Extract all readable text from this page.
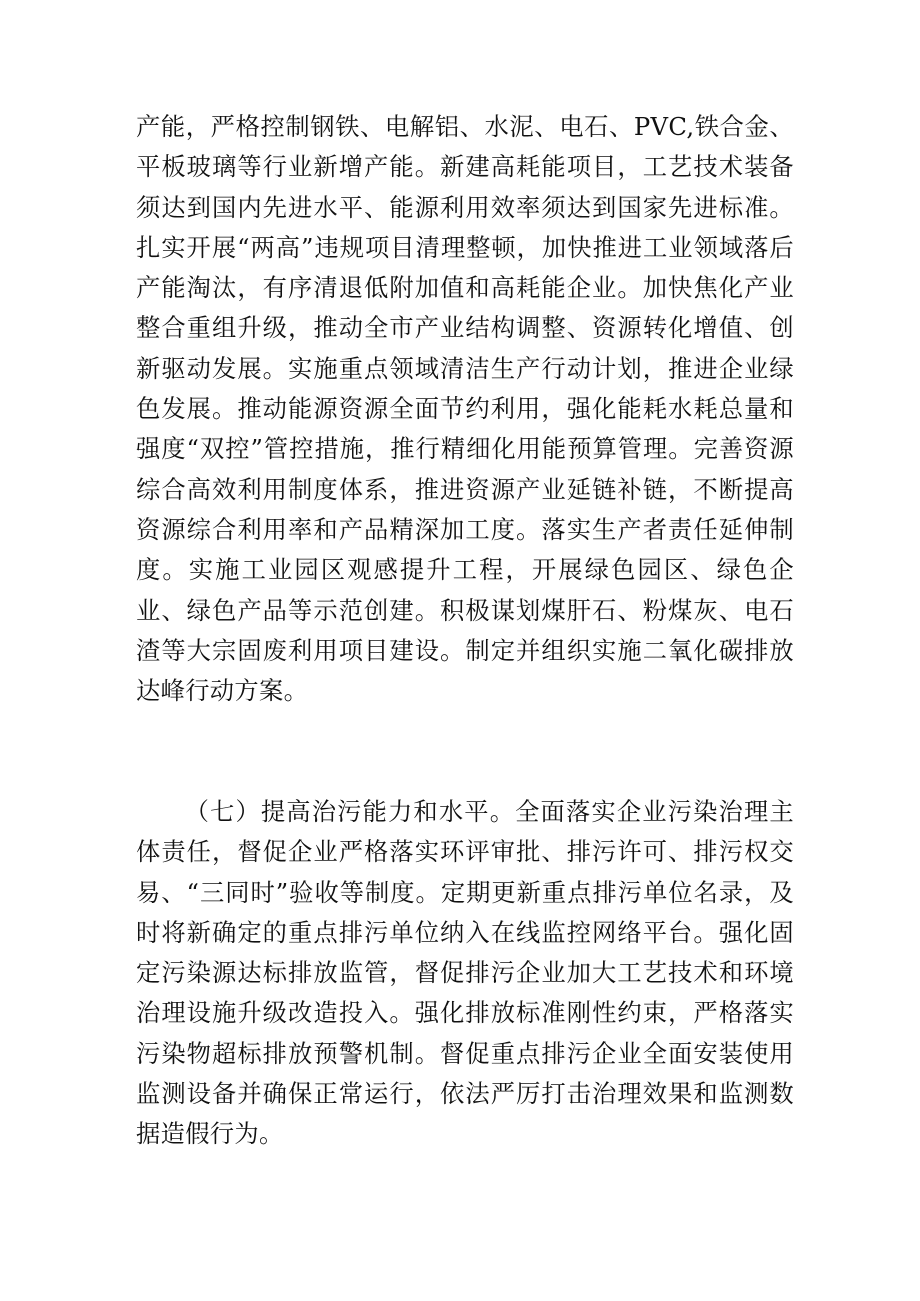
产能，严格控制钢铁、电解铝、水泥、电石、PVC,铁合金、平板玻璃等行业新增产能。新建高耗能项目，工艺技术装备须达到国内先进水平、能源利用效率须达到国家先进标准。扎实开展“两高”违规项目清理整顿，加快推进工业领域落后产能淘汰，有序清退低附加值和高耗能企业。加快焦化产业整合重组升级，推动全市产业结构调整、资源转化增值、创新驱动发展。实施重点领域清洁生产行动计划，推进企业绿色发展。推动能源资源全面节约利用，强化能耗水耗总量和强度“双控”管控措施，推行精细化用能预算管理。完善资源综合高效利用制度体系，推进资源产业延链补链，不断提高资源综合利用率和产品精深加工度。落实生产者责任延伸制度。实施工业园区观感提升工程，开展绿色园区、绿色企业、绿色产品等示范创建。积极谋划煤肝石、粉煤灰、电石渣等大宗固废利用项目建设。制定并组织实施二氧化碳排放达峰行动方案。

（七）提高治污能力和水平。全面落实企业污染治理主体责任，督促企业严格落实环评审批、排污许可、排污权交易、“三同时”验收等制度。定期更新重点排污单位名录，及时将新确定的重点排污单位纳入在线监控网络平台。强化固定污染源达标排放监管，督促排污企业加大工艺技术和环境治理设施升级改造投入。强化排放标准刚性约束，严格落实污染物超标排放预警机制。督促重点排污企业全面安装使用监测设备并确保正常运行，依法严厉打击治理效果和监测数据造假行为。
